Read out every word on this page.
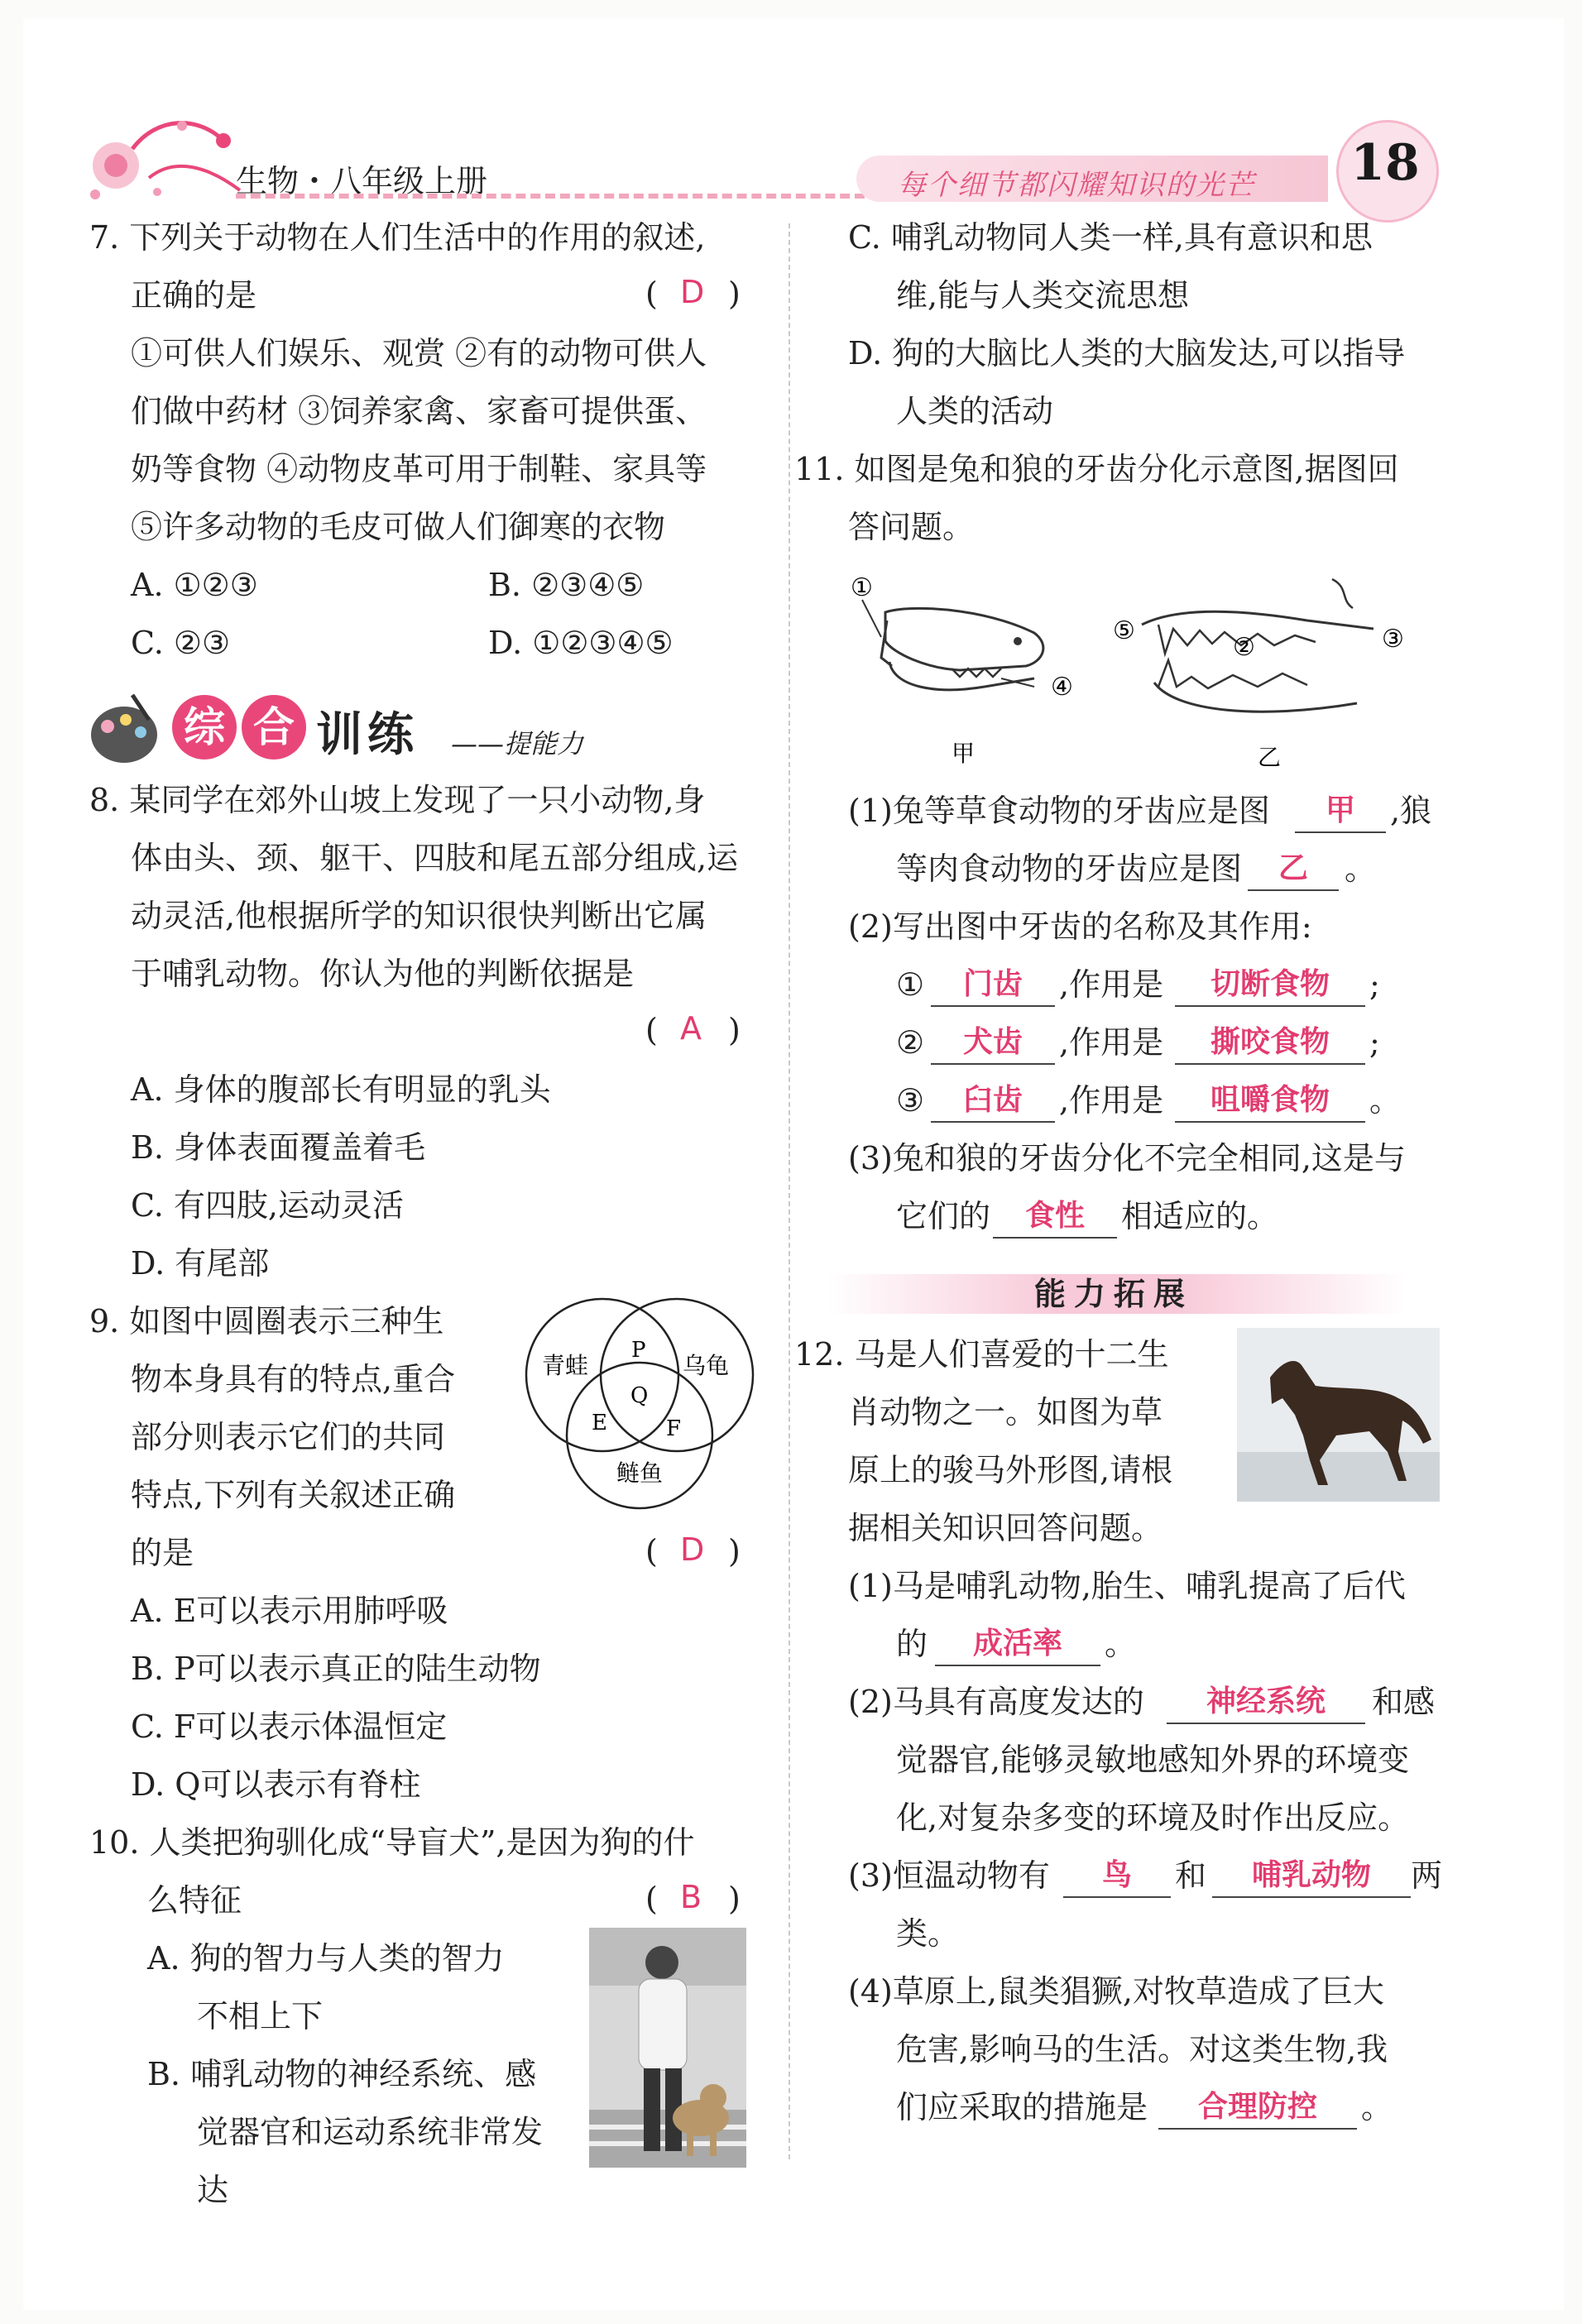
生物・八年级上册	每个细节都闪耀知识的光芒 18
7. 下列关于动物在人们生活中的作用的叙述,
正确的是	( D )
①可供人们娱乐、观赏 ②有的动物可供人
们做中药材 ③饲养家禽、家畜可提供蛋、
奶等食物 ④动物皮革可用于制鞋、家具等
⑤许多动物的毛皮可做人们御寒的衣物
A. ①②③	B. ②③④⑤
C. ②③	D. ①②③④⑤
综 合 训练 ——提能力
8. 某同学在郊外山坡上发现了一只小动物,身
体由头、颈、躯干、四肢和尾五部分组成,运
动灵活,他根据所学的知识很快判断出它属
于哺乳动物。你认为他的判断依据是
( A )
A. 身体的腹部长有明显的乳头
B. 身体表面覆盖着毛
C. 有四肢,运动灵活
D. 有尾部
9. 如图中圆圈表示三种生
物本身具有的特点,重合
部分则表示它们的共同
特点,下列有关叙述正确
的是	( D )
青蛙	乌龟
鲢鱼
P
Q
E	F
A. E可以表示用肺呼吸
B. P可以表示真正的陆生动物
C. F可以表示体温恒定
D. Q可以表示有脊柱
10. 人类把狗驯化成“导盲犬”,是因为狗的什
么特征	( B )
A. 狗的智力与人类的智力
不相上下
B. 哺乳动物的神经系统、感
觉器官和运动系统非常发
达
C. 哺乳动物同人类一样,具有意识和思
维,能与人类交流思想
D. 狗的大脑比人类的大脑发达,可以指导
人类的活动
11. 如图是兔和狼的牙齿分化示意图,据图回
答问题。
①
④
甲
⑤
②	③
乙
(1)兔等草食动物的牙齿应是图	甲	,狼
等肉食动物的牙齿应是图	乙	。
(2)写出图中牙齿的名称及其作用:
①	门齿	,作用是	切断食物	;
②	犬齿	,作用是	撕咬食物	;
③	臼齿	,作用是	咀嚼食物	。
(3)兔和狼的牙齿分化不完全相同,这是与
它们的	食性	相适应的。
能力拓展
12. 马是人们喜爱的十二生
肖动物之一。如图为草
原上的骏马外形图,请根
据相关知识回答问题。
(1)马是哺乳动物,胎生、哺乳提高了后代
的	成活率	。
(2)马具有高度发达的	神经系统	和感
觉器官,能够灵敏地感知外界的环境变
化,对复杂多变的环境及时作出反应。
(3)恒温动物有	鸟	和	哺乳动物	两
类。
(4)草原上,鼠类猖獗,对牧草造成了巨大
危害,影响马的生活。对这类生物,我
们应采取的措施是	合理防控	。
